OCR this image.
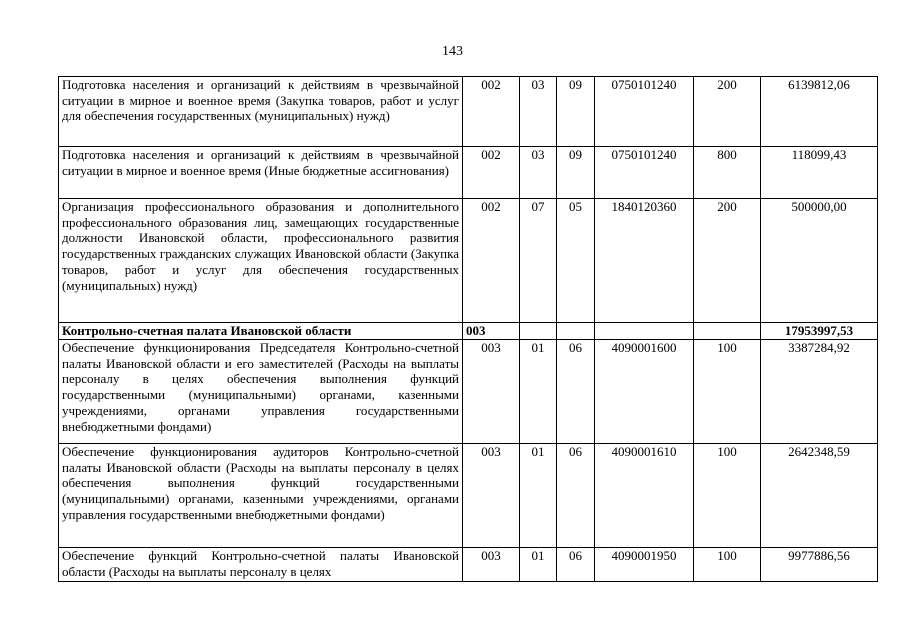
143
Подготовка населения и организаций к действиям в чрезвычайной ситуации в мирное и военное время (Закупка товаров, работ и услуг для обеспечения государственных (муниципальных) нужд)	002	03	09	0750101240	200	6139812,06
Подготовка населения и организаций к действиям в чрезвычайной ситуации в мирное и военное время (Иные бюджетные ассигнования)	002	03	09	0750101240	800	118099,43
Организация профессионального образования и дополнительного профессионального образования лиц, замещающих государственные должности Ивановской области, профессионального развития государственных гражданских служащих Ивановской области (Закупка товаров, работ и услуг для обеспечения государственных (муниципальных) нужд)	002	07	05	1840120360	200	500000,00
Контрольно-счетная палата Ивановской области	003					17953997,53
Обеспечение функционирования Председателя Контрольно-счетной палаты Ивановской области и его заместителей (Расходы на выплаты персоналу в целях обеспечения выполнения функций государственными (муниципальными) органами, казенными учреждениями, органами управления государственными внебюджетными фондами)	003	01	06	4090001600	100	3387284,92
Обеспечение функционирования аудиторов Контрольно-счетной палаты Ивановской области (Расходы на выплаты персоналу в целях обеспечения выполнения функций государственными (муниципальными) органами, казенными учреждениями, органами управления государственными внебюджетными фондами)	003	01	06	4090001610	100	2642348,59
Обеспечение функций Контрольно-счетной палаты Ивановской области (Расходы на выплаты персоналу в целях	003	01	06	4090001950	100	9977886,56
